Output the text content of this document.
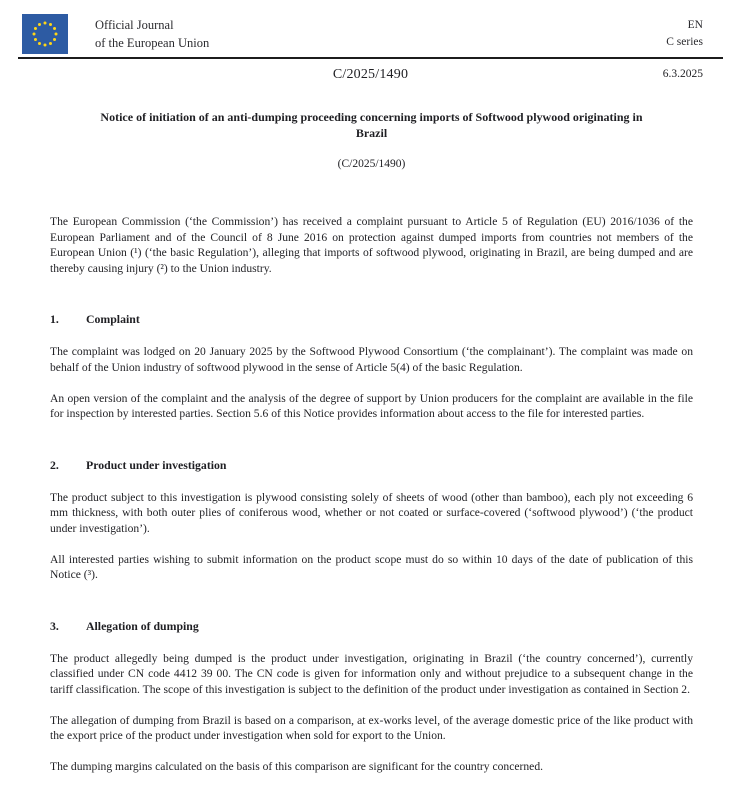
Official Journal
of the European Union
EN
C series
C/2025/1490	6.3.2025
Notice of initiation of an anti-dumping proceeding concerning imports of Softwood plywood originating in Brazil
(C/2025/1490)

The European Commission (‘the Commission’) has received a complaint pursuant to Article 5 of Regulation (EU) 2016/1036 of the European Parliament and of the Council of 8 June 2016 on protection against dumped imports from countries not members of the European Union (¹) (‘the basic Regulation’), alleging that imports of softwood plywood, originating in Brazil, are being dumped and are thereby causing injury (²) to the Union industry.

1.	Complaint

The complaint was lodged on 20 January 2025 by the Softwood Plywood Consortium (‘the complainant’). The complaint was made on behalf of the Union industry of softwood plywood in the sense of Article 5(4) of the basic Regulation.

An open version of the complaint and the analysis of the degree of support by Union producers for the complaint are available in the file for inspection by interested parties. Section 5.6 of this Notice provides information about access to the file for interested parties.

2.	Product under investigation

The product subject to this investigation is plywood consisting solely of sheets of wood (other than bamboo), each ply not exceeding 6 mm thickness, with both outer plies of coniferous wood, whether or not coated or surface-covered (‘softwood plywood’) (‘the product under investigation’).

All interested parties wishing to submit information on the product scope must do so within 10 days of the date of publication of this Notice (³).

3.	Allegation of dumping

The product allegedly being dumped is the product under investigation, originating in Brazil (‘the country concerned’), currently classified under CN code 4412 39 00. The CN code is given for information only and without prejudice to a subsequent change in the tariff classification. The scope of this investigation is subject to the definition of the product under investigation as contained in Section 2.

The allegation of dumping from Brazil is based on a comparison, at ex-works level, of the average domestic price of the like product with the export price of the product under investigation when sold for export to the Union.

The dumping margins calculated on the basis of this comparison are significant for the country concerned.
